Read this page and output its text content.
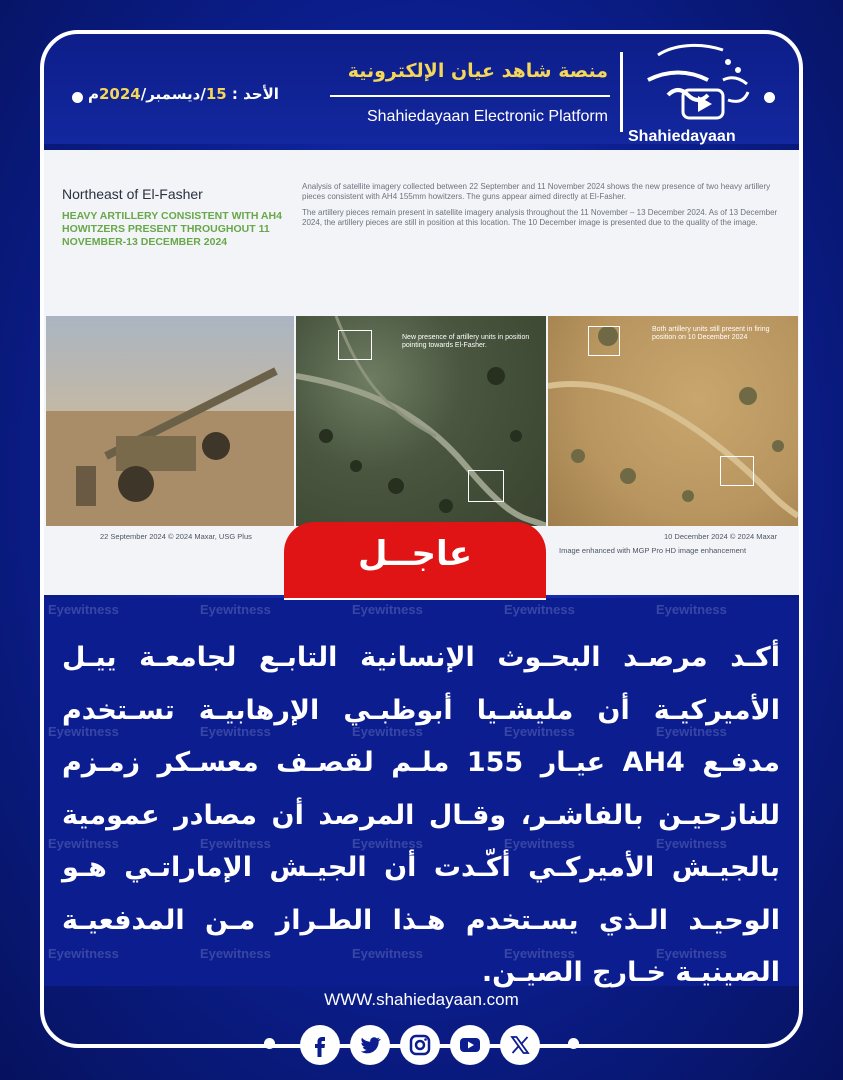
Shahiedayaan
منصة شاهد عيان الإلكترونية
Shahiedayaan Electronic Platform
الأحد : 15/ديسمبر/2024م
Northeast of El-Fasher
HEAVY ARTILLERY CONSISTENT WITH AH4 HOWITZERS PRESENT THROUGHOUT 11 NOVEMBER-13 DECEMBER 2024

Analysis of satellite imagery collected between 22 September and 11 November 2024 shows the new presence of two heavy artillery pieces consistent with AH4 155mm howitzers. The guns appear aimed directly at El-Fasher.

The artillery pieces remain present in satellite imagery analysis throughout the 11 November – 13 December 2024. As of 13 December 2024, the artillery pieces are still in position at this location. The 10 December image is presented due to the quality of the image.

New presence of artillery units in position pointing towards El-Fasher.
Both artillery units still present in firing position on 10 December 2024
22 September 2024 © 2024 Maxar, USG Plus	10 December 2024 © 2024 Maxar
Image enhanced with MGP Pro HD image enhancement
Eyewitness	Eyewitness	Eyewitness	Eyewitness	Eyewitness
Eyewitness	Eyewitness	Eyewitness	Eyewitness	Eyewitness
Eyewitness	Eyewitness	Eyewitness	Eyewitness	Eyewitness
Eyewitness	Eyewitness	Eyewitness	Eyewitness	Eyewitness
عاجــل
أكـد مرصـد البحـوث الإنسانية التابـع لجامعـة ييـل الأميركيـة أن مليشـيا أبوظبـي الإرهابيـة تسـتخدم مدفـع AH4 عيـار 155 ملـم لقصـف معسـكر زمـزم للنازحيـن بالفاشـر، وقـال المرصد أن مصادر عمومية بالجيـش الأميركـي أكّـدت أن الجيـش الإماراتـي هـو الوحيـد الـذي يسـتخدم هـذا الطـراز مـن المدفعيـة الصينيـة خـارج الصيـن.
WWW.shahiedayaan.com
